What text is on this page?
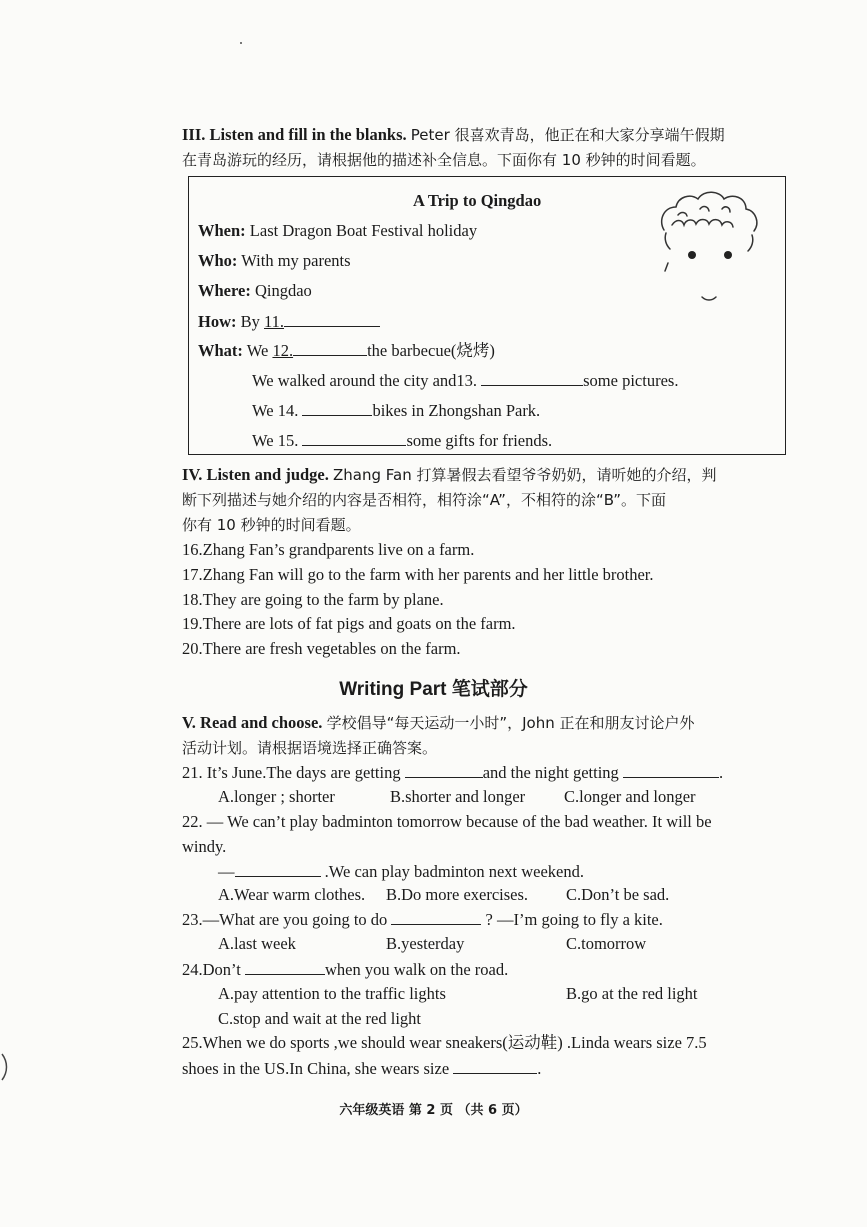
III. Listen and fill in the blanks. Peter 很喜欢青岛，他正在和大家分享端午假期
在青岛游玩的经历，请根据他的描述补全信息。下面你有 10 秒钟的时间看题。
A Trip to Qingdao
When: Last Dragon Boat Festival holiday
Who: With my parents
Where: Qingdao
How: By 11.
What: We 12.	the barbecue(烧烤)
We walked around the city and13.	some pictures.
We 14.	bikes in Zhongshan Park.
We 15.	some gifts for friends.
IV. Listen and judge. Zhang Fan 打算暑假去看望爷爷奶奶，请听她的介绍，判
断下列描述与她介绍的内容是否相符，相符涂“A”，不相符的涂“B”。下面
你有 10 秒钟的时间看题。
16.Zhang Fan’s grandparents live on a farm.
17.Zhang Fan will go to the farm with her parents and her little brother.
18.They are going to the farm by plane.
19.There are lots of fat pigs and goats on the farm.
20.There are fresh vegetables on the farm.
Writing Part 笔试部分
V. Read and choose. 学校倡导“每天运动一小时”，John 正在和朋友讨论户外
活动计划。请根据语境选择正确答案。
21. It’s June.The days are getting	and the night getting	.
A.longer ; shorter	B.shorter and longer C.longer and longer
22. — We can’t play badminton tomorrow because of the bad weather. It will be
windy.
—	.We can play badminton next weekend.
A.Wear warm clothes. B.Do more exercises. C.Don’t be sad.
23.—What are you going to do	? —I’m going to fly a kite.
A.last week	B.yesterday	C.tomorrow
24.Don’t	when you walk on the road.
A.pay attention to the traffic lights	B.go at the red light
C.stop and wait at the red light
25.When we do sports ,we should wear sneakers(运动鞋) .Linda wears size 7.5
shoes in the US.In China, she wears size	.
六年级英语 第 2 页 （共 6 页）
